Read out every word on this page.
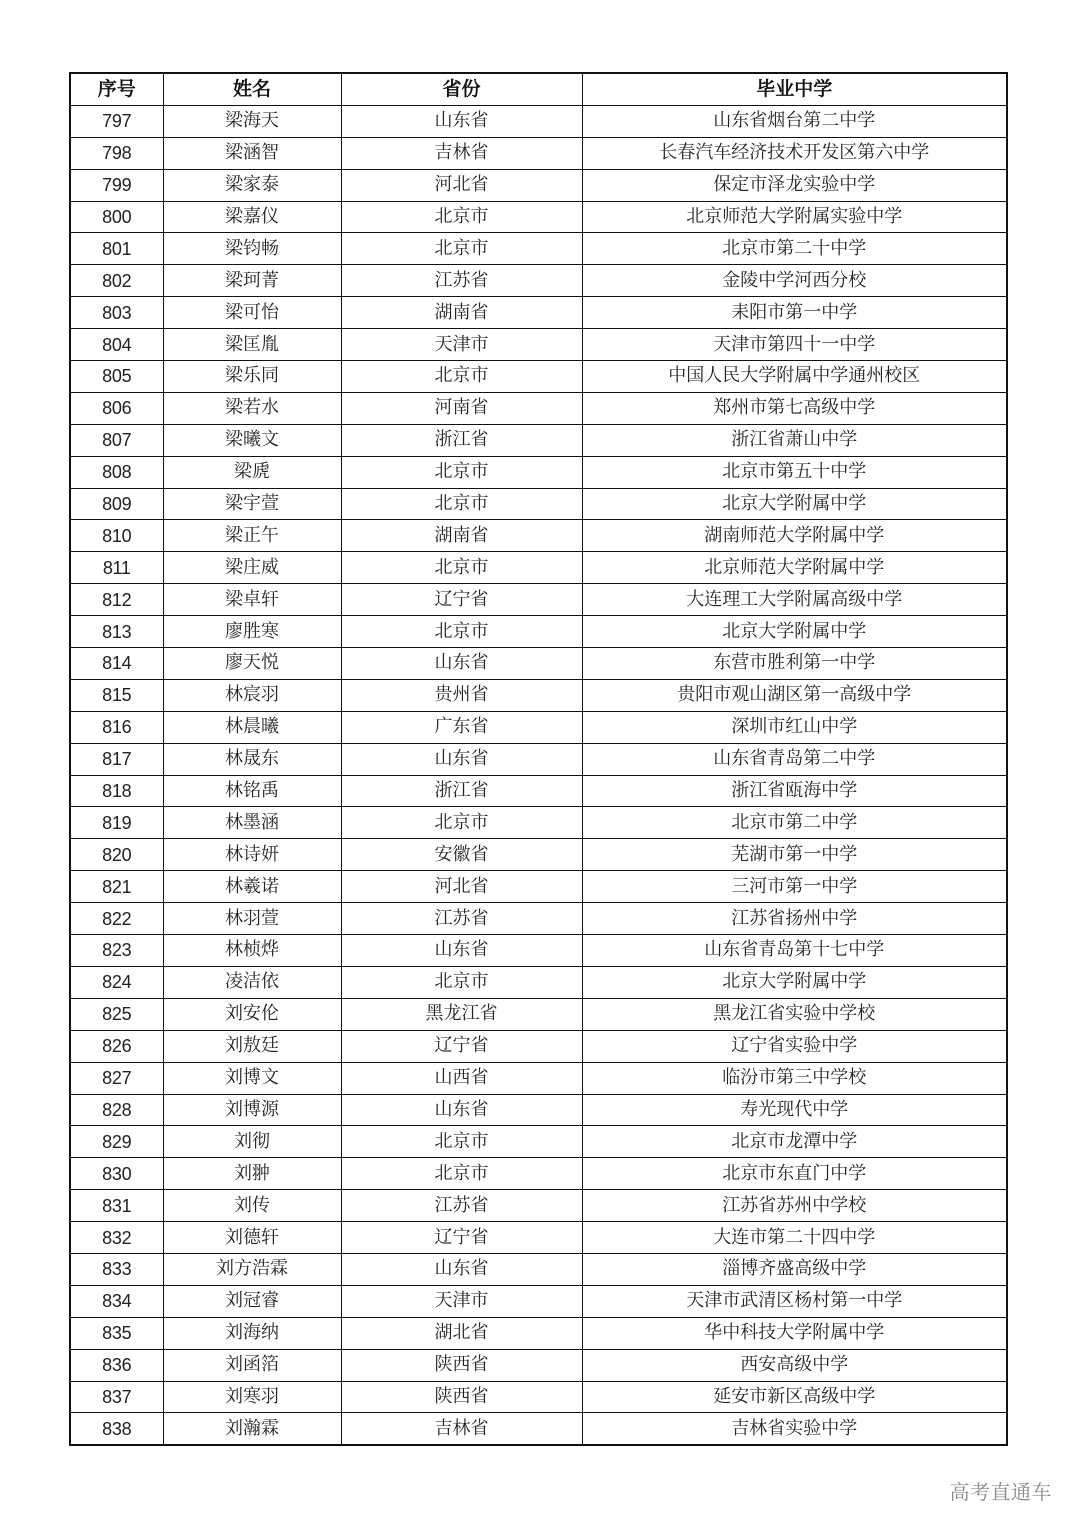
序号	姓名	省份	毕业中学
797	梁海天	山东省	山东省烟台第二中学
798	梁涵智	吉林省	长春汽车经济技术开发区第六中学
799	梁家泰	河北省	保定市泽龙实验中学
800	梁嘉仪	北京市	北京师范大学附属实验中学
801	梁钧畅	北京市	北京市第二十中学
802	梁珂菁	江苏省	金陵中学河西分校
803	梁可怡	湖南省	耒阳市第一中学
804	梁匡胤	天津市	天津市第四十一中学
805	梁乐同	北京市	中国人民大学附属中学通州校区
806	梁若水	河南省	郑州市第七高级中学
807	梁曦文	浙江省	浙江省萧山中学
808	梁虒	北京市	北京市第五十中学
809	梁宇萱	北京市	北京大学附属中学
810	梁正午	湖南省	湖南师范大学附属中学
811	梁庄威	北京市	北京师范大学附属中学
812	梁卓轩	辽宁省	大连理工大学附属高级中学
813	廖胜寒	北京市	北京大学附属中学
814	廖天悦	山东省	东营市胜利第一中学
815	林宸羽	贵州省	贵阳市观山湖区第一高级中学
816	林晨曦	广东省	深圳市红山中学
817	林晟东	山东省	山东省青岛第二中学
818	林铭禹	浙江省	浙江省瓯海中学
819	林墨涵	北京市	北京市第二中学
820	林诗妍	安徽省	芜湖市第一中学
821	林羲诺	河北省	三河市第一中学
822	林羽萱	江苏省	江苏省扬州中学
823	林桢烨	山东省	山东省青岛第十七中学
824	凌洁依	北京市	北京大学附属中学
825	刘安伦	黑龙江省	黑龙江省实验中学校
826	刘敖廷	辽宁省	辽宁省实验中学
827	刘博文	山西省	临汾市第三中学校
828	刘博源	山东省	寿光现代中学
829	刘彻	北京市	北京市龙潭中学
830	刘翀	北京市	北京市东直门中学
831	刘传	江苏省	江苏省苏州中学校
832	刘德轩	辽宁省	大连市第二十四中学
833	刘方浩霖	山东省	淄博齐盛高级中学
834	刘冠睿	天津市	天津市武清区杨村第一中学
835	刘海纳	湖北省	华中科技大学附属中学
836	刘函箔	陕西省	西安高级中学
837	刘寒羽	陕西省	延安市新区高级中学
838	刘瀚霖	吉林省	吉林省实验中学
高考直通车
